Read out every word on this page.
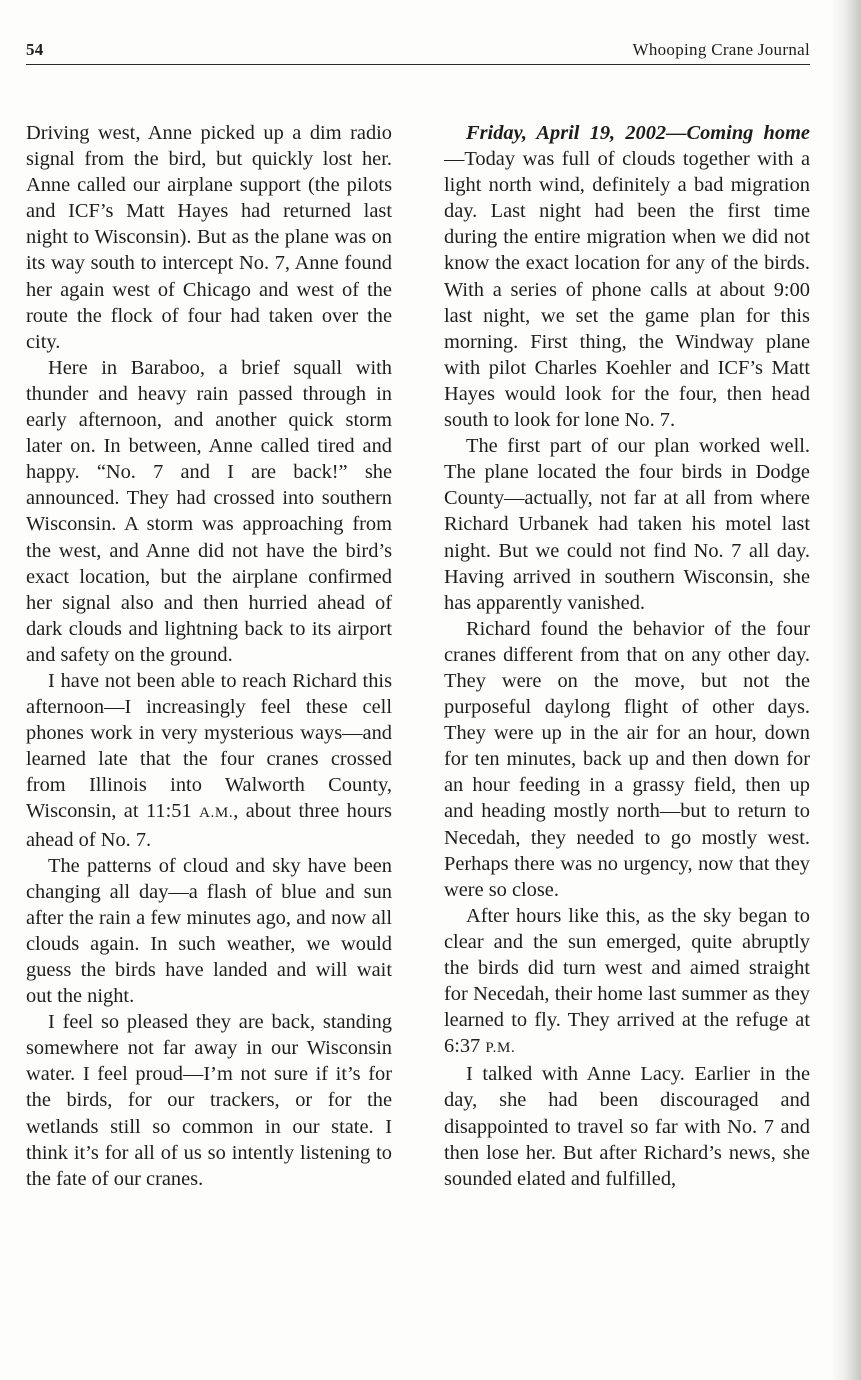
54	Whooping Crane Journal

Driving west, Anne picked up a dim radio signal from the bird, but quickly lost her. Anne called our airplane support (the pilots and ICF’s Matt Hayes had returned last night to Wisconsin). But as the plane was on its way south to intercept No. 7, Anne found her again west of Chicago and west of the route the flock of four had taken over the city.

Here in Baraboo, a brief squall with thunder and heavy rain passed through in early afternoon, and another quick storm later on. In between, Anne called tired and happy. “No. 7 and I are back!” she announced. They had crossed into southern Wisconsin. A storm was approaching from the west, and Anne did not have the bird’s exact location, but the airplane confirmed her signal also and then hurried ahead of dark clouds and lightning back to its airport and safety on the ground.

I have not been able to reach Richard this afternoon—I increasingly feel these cell phones work in very mysterious ways—and learned late that the four cranes crossed from Illinois into Walworth County, Wisconsin, at 11:51 A.M., about three hours ahead of No. 7.

The patterns of cloud and sky have been changing all day—a flash of blue and sun after the rain a few minutes ago, and now all clouds again. In such weather, we would guess the birds have landed and will wait out the night.

I feel so pleased they are back, standing somewhere not far away in our Wisconsin water. I feel proud—I’m not sure if it’s for the birds, for our trackers, or for the wetlands still so common in our state. I think it’s for all of us so intently listening to the fate of our cranes.

Friday, April 19, 2002—Coming home—Today was full of clouds together with a light north wind, definitely a bad migration day. Last night had been the first time during the entire migration when we did not know the exact location for any of the birds. With a series of phone calls at about 9:00 last night, we set the game plan for this morning. First thing, the Windway plane with pilot Charles Koehler and ICF’s Matt Hayes would look for the four, then head south to look for lone No. 7.

The first part of our plan worked well. The plane located the four birds in Dodge County—actually, not far at all from where Richard Urbanek had taken his motel last night. But we could not find No. 7 all day. Having arrived in southern Wisconsin, she has apparently vanished.

Richard found the behavior of the four cranes different from that on any other day. They were on the move, but not the purposeful daylong flight of other days. They were up in the air for an hour, down for ten minutes, back up and then down for an hour feeding in a grassy field, then up and heading mostly north—but to return to Necedah, they needed to go mostly west. Perhaps there was no urgency, now that they were so close.

After hours like this, as the sky began to clear and the sun emerged, quite abruptly the birds did turn west and aimed straight for Necedah, their home last summer as they learned to fly. They arrived at the refuge at 6:37 P.M.

I talked with Anne Lacy. Earlier in the day, she had been discouraged and disappointed to travel so far with No. 7 and then lose her. But after Richard’s news, she sounded elated and fulfilled,
